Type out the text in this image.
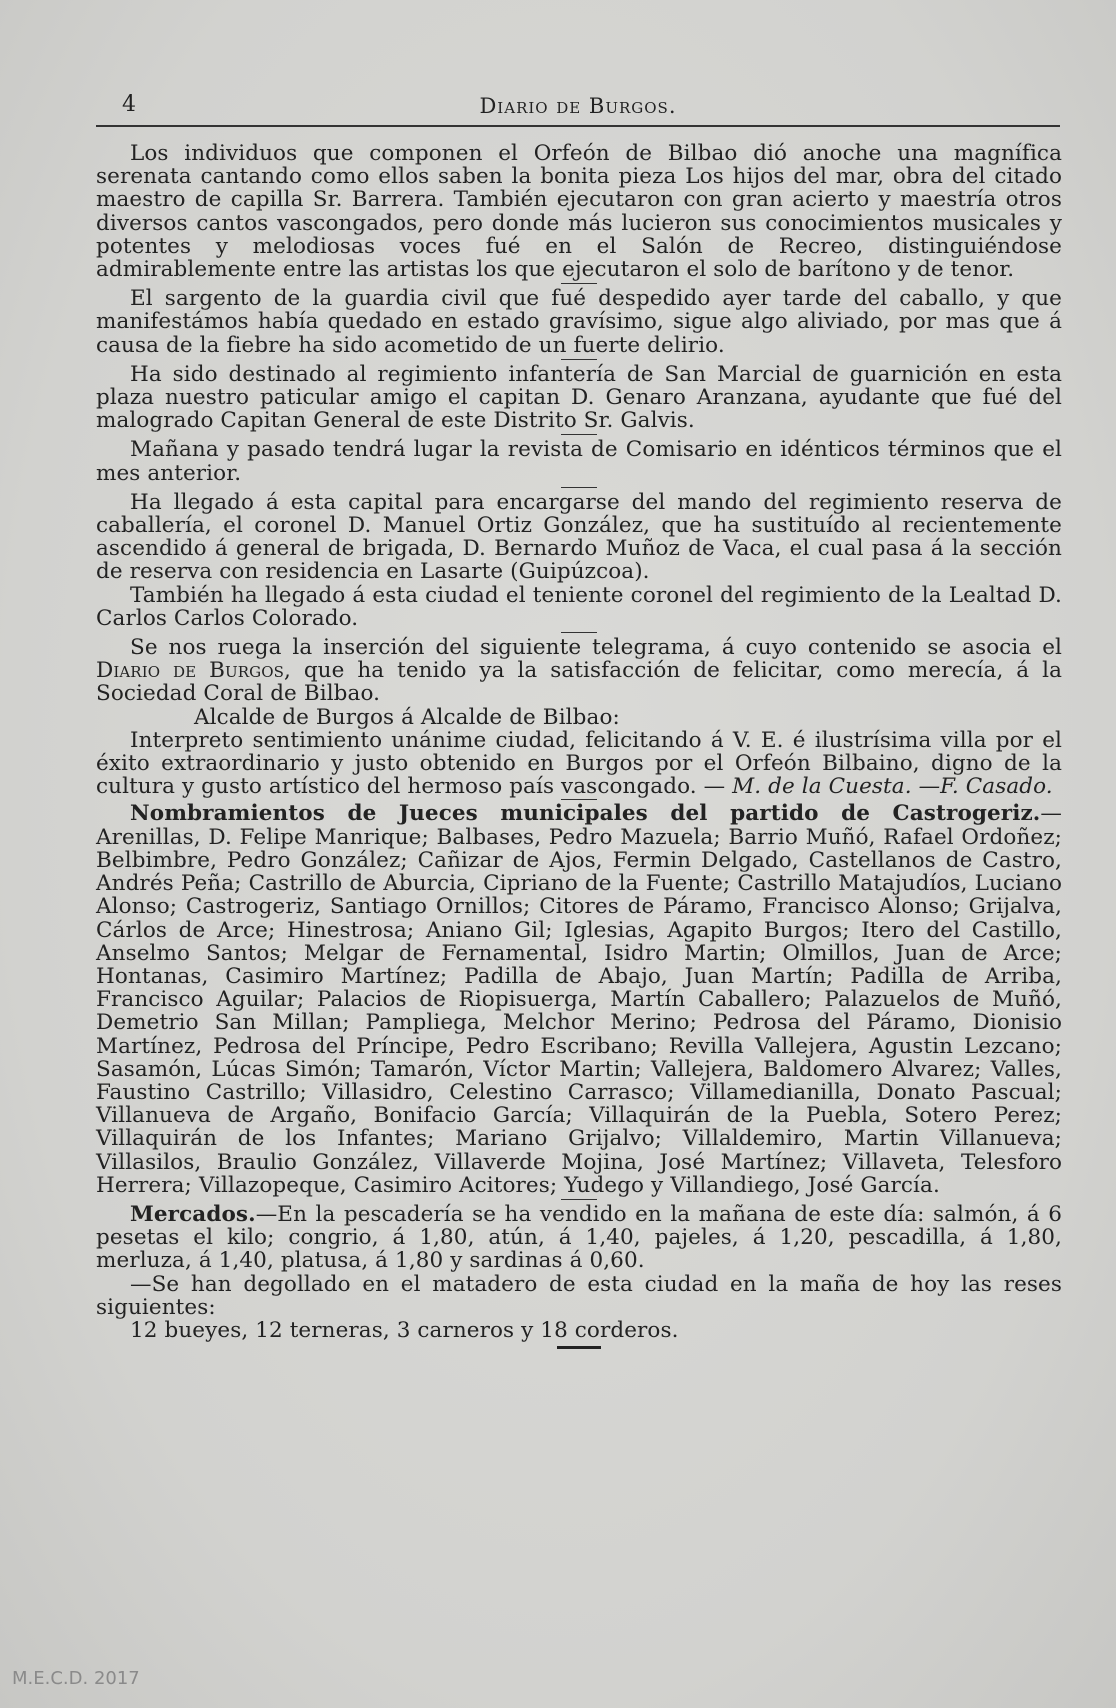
4	Diario de Burgos.

Los individuos que componen el Orfeón de Bilbao dió anoche una magnífica serenata cantando como ellos saben la bonita pieza Los hijos del mar, obra del citado maestro de capilla Sr. Barrera. También ejecutaron con gran acierto y maestría otros diversos cantos vascongados, pero donde más lucieron sus conocimientos musicales y potentes y melodiosas voces fué en el Salón de Recreo, distinguiéndose admirablemente entre las artistas los que ejecutaron el solo de barítono y de tenor.

El sargento de la guardia civil que fué despedido ayer tarde del caballo, y que manifestámos había quedado en estado gravísimo, sigue algo aliviado, por mas que á causa de la fiebre ha sido acometido de un fuerte delirio.

Ha sido destinado al regimiento infantería de San Marcial de guarnición en esta plaza nuestro paticular amigo el capitan D. Genaro Aranzana, ayudante que fué del malogrado Capitan General de este Distrito Sr. Galvis.

Mañana y pasado tendrá lugar la revista de Comisario en idénticos términos que el mes anterior.

Ha llegado á esta capital para encargarse del mando del regimiento reserva de caballería, el coronel D. Manuel Ortiz González, que ha sustituído al recientemente ascendido á general de brigada, D. Bernardo Muñoz de Vaca, el cual pasa á la sección de reserva con residencia en Lasarte (Guipúzcoa).

También ha llegado á esta ciudad el teniente coronel del regimiento de la Lealtad D. Carlos Carlos Colorado.

Se nos ruega la inserción del siguiente telegrama, á cuyo contenido se asocia el Diario de Burgos, que ha tenido ya la satisfacción de felicitar, como merecía, á la Sociedad Coral de Bilbao.

Alcalde de Burgos á Alcalde de Bilbao:

Interpreto sentimiento unánime ciudad, felicitando á V. E. é ilustrísima villa por el éxito extraordinario y justo obtenido en Burgos por el Orfeón Bilbaino, digno de la cultura y gusto artístico del hermoso país vascongado. — M. de la Cuesta. —F. Casado.

Nombramientos de Jueces municipales del partido de Castrogeriz.—Arenillas, D. Felipe Manrique; Balbases, Pedro Mazuela; Barrio Muñó, Rafael Ordoñez; Belbimbre, Pedro González; Cañizar de Ajos, Fermin Delgado, Castellanos de Castro, Andrés Peña; Castrillo de Aburcia, Cipriano de la Fuente; Castrillo Matajudíos, Luciano Alonso; Castrogeriz, Santiago Ornillos; Citores de Páramo, Francisco Alonso; Grijalva, Cárlos de Arce; Hinestrosa; Aniano Gil; Iglesias, Agapito Burgos; Itero del Castillo, Anselmo Santos; Melgar de Fernamental, Isidro Martin; Olmillos, Juan de Arce; Hontanas, Casimiro Martínez; Padilla de Abajo, Juan Martín; Padilla de Arriba, Francisco Aguilar; Palacios de Riopisuerga, Martín Caballero; Palazuelos de Muñó, Demetrio San Millan; Pampliega, Melchor Merino; Pedrosa del Páramo, Dionisio Martínez, Pedrosa del Príncipe, Pedro Escribano; Revilla Vallejera, Agustin Lezcano; Sasamón, Lúcas Simón; Tamarón, Víctor Martin; Vallejera, Baldomero Alvarez; Valles, Faustino Castrillo; Villasidro, Celestino Carrasco; Villamedianilla, Donato Pascual; Villanueva de Argaño, Bonifacio García; Villaquirán de la Puebla, Sotero Perez; Villaquirán de los Infantes; Mariano Grijalvo; Villaldemiro, Martin Villanueva; Villasilos, Braulio González, Villaverde Mojina, José Martínez; Villaveta, Telesforo Herrera; Villazopeque, Casimiro Acitores; Yudego y Villandiego, José García.

Mercados.—En la pescadería se ha vendido en la mañana de este día: salmón, á 6 pesetas el kilo; congrio, á 1,80, atún, á 1,40, pajeles, á 1,20, pescadilla, á 1,80, merluza, á 1,40, platusa, á 1,80 y sardinas á 0,60.

—Se han degollado en el matadero de esta ciudad en la maña de hoy las reses siguientes:

12 bueyes, 12 terneras, 3 carneros y 18 corderos.

M.E.C.D. 2017
